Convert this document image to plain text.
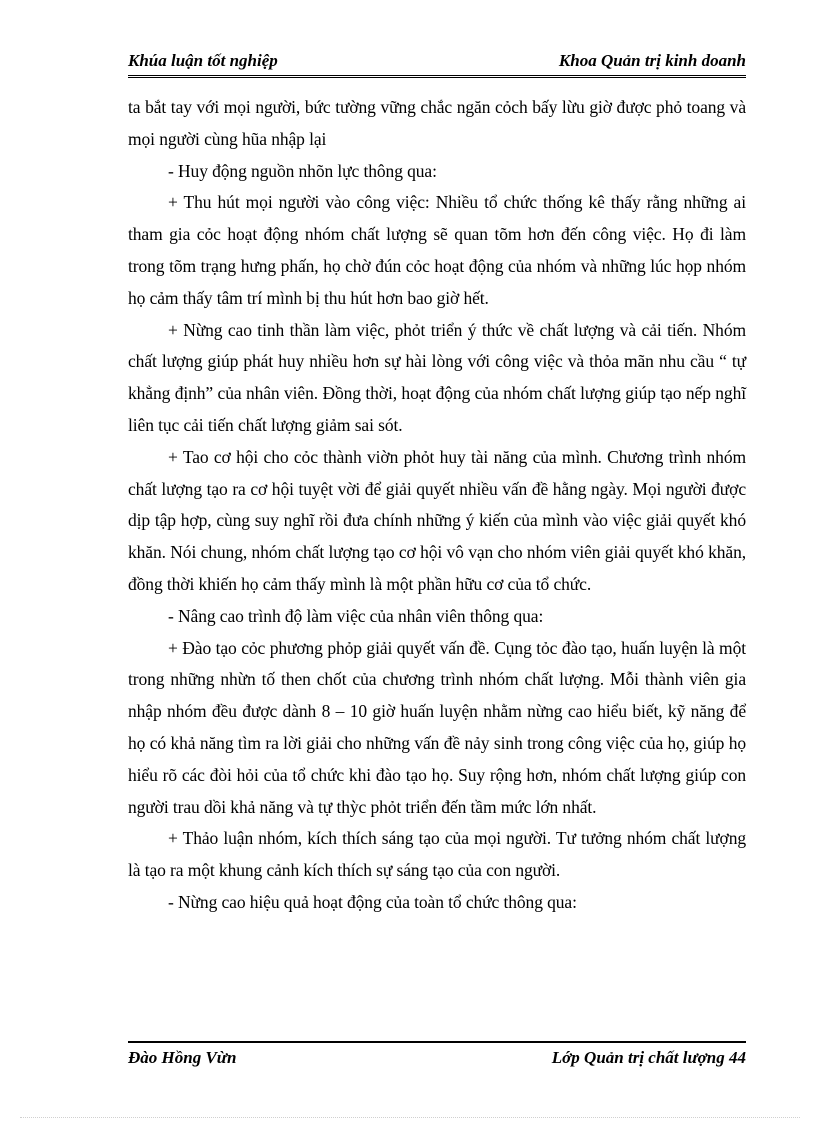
Khúa luận tốt nghiệp	Khoa Quản trị kinh doanh

ta bắt tay với mọi người, bức tường vững chắc ngăn cỏch bấy lừu giờ được phỏ toang và mọi người cùng hũa nhập lại

- Huy động nguồn nhõn lực thông qua:

+ Thu hút mọi người vào công việc: Nhiều tổ chức thống kê thấy rằng những ai tham gia cỏc hoạt động nhóm chất lượng sẽ quan tõm hơn đến công việc. Họ đi làm trong tõm trạng hưng phấn, họ chờ đún cỏc hoạt động của nhóm và những lúc họp nhóm họ cảm thấy tâm trí mình bị thu hút hơn bao giờ hết.

+ Nừng cao tinh thần làm việc, phỏt triển ý thức về chất lượng và cải tiến. Nhóm chất lượng giúp phát huy nhiều hơn sự hài lòng với công việc và thỏa mãn nhu cầu “ tự khẳng định” của nhân viên. Đồng thời, hoạt động của nhóm chất lượng giúp tạo nếp nghĩ liên tục cải tiến chất lượng giảm sai sót.

+ Tao cơ hội cho cỏc thành viờn phỏt huy tài năng của mình. Chương trình nhóm chất lượng tạo ra cơ hội tuyệt vời để giải quyết nhiều vấn đề hằng ngày. Mọi người được dịp tập hợp, cùng suy nghĩ rồi đưa chính những ý kiến của mình vào việc giải quyết khó khăn. Nói chung, nhóm chất lượng tạo cơ hội vô vạn cho nhóm viên giải quyết khó khăn, đồng thời khiến họ cảm thấy mình là một phần hữu cơ của tổ chức.

- Nâng cao trình độ làm việc của nhân viên thông qua:

+ Đào tạo cỏc phương phỏp giải quyết vấn đề. Cụng tỏc đào tạo, huấn luyện là một trong những nhừn tố then chốt của chương trình nhóm chất lượng. Mỗi thành viên gia nhập nhóm đều được dành 8 – 10 giờ huấn luyện nhằm nừng cao hiểu biết, kỹ năng để họ có khả năng tìm ra lời giải cho những vấn đề nảy sinh trong công việc của họ, giúp họ hiểu rõ các đòi hỏi của tổ chức khi đào tạo họ. Suy rộng hơn, nhóm chất lượng giúp con người trau dồi khả năng và tự thỳc phỏt triển đến tầm mức lớn nhất.

+ Thảo luận nhóm, kích thích sáng tạo của mọi người. Tư tưởng nhóm chất lượng là tạo ra một khung cảnh kích thích sự sáng tạo của con người.

- Nừng cao hiệu quả hoạt động của toàn tổ chức thông qua:

Đào Hồng Vừn	Lớp Quản trị chất lượng 44
